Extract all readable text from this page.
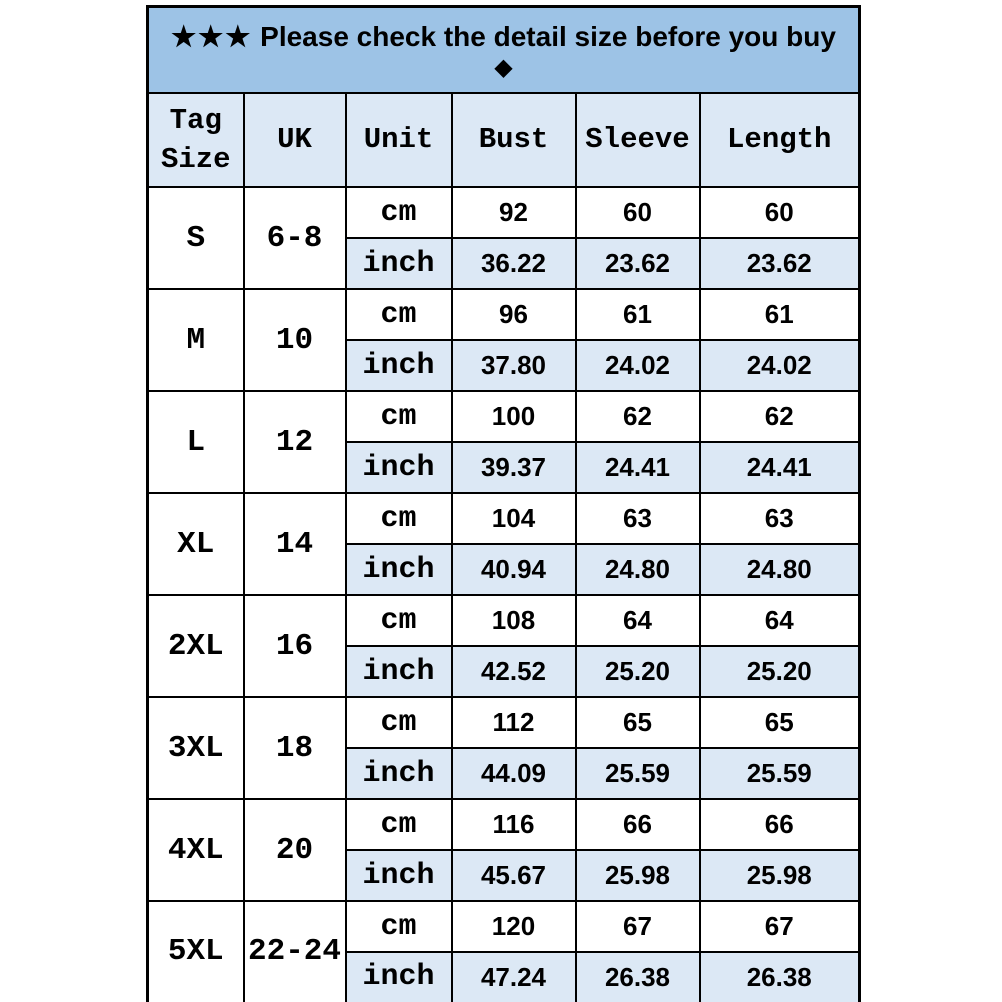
★★★ Please check the detail size before you buy
◆					

Tag Size	UK	Unit	Bust	Sleeve	Length
S	6-8	cm	92	60	60
		inch	36.22	23.62	23.62
M	10	cm	96	61	61
		inch	37.80	24.02	24.02
L	12	cm	100	62	62
		inch	39.37	24.41	24.41
XL	14	cm	104	63	63
		inch	40.94	24.80	24.80
2XL	16	cm	108	64	64
		inch	42.52	25.20	25.20
3XL	18	cm	112	65	65
		inch	44.09	25.59	25.59
4XL	20	cm	116	66	66
		inch	45.67	25.98	25.98
5XL	22-24	cm	120	67	67
		inch	47.24	26.38	26.38
